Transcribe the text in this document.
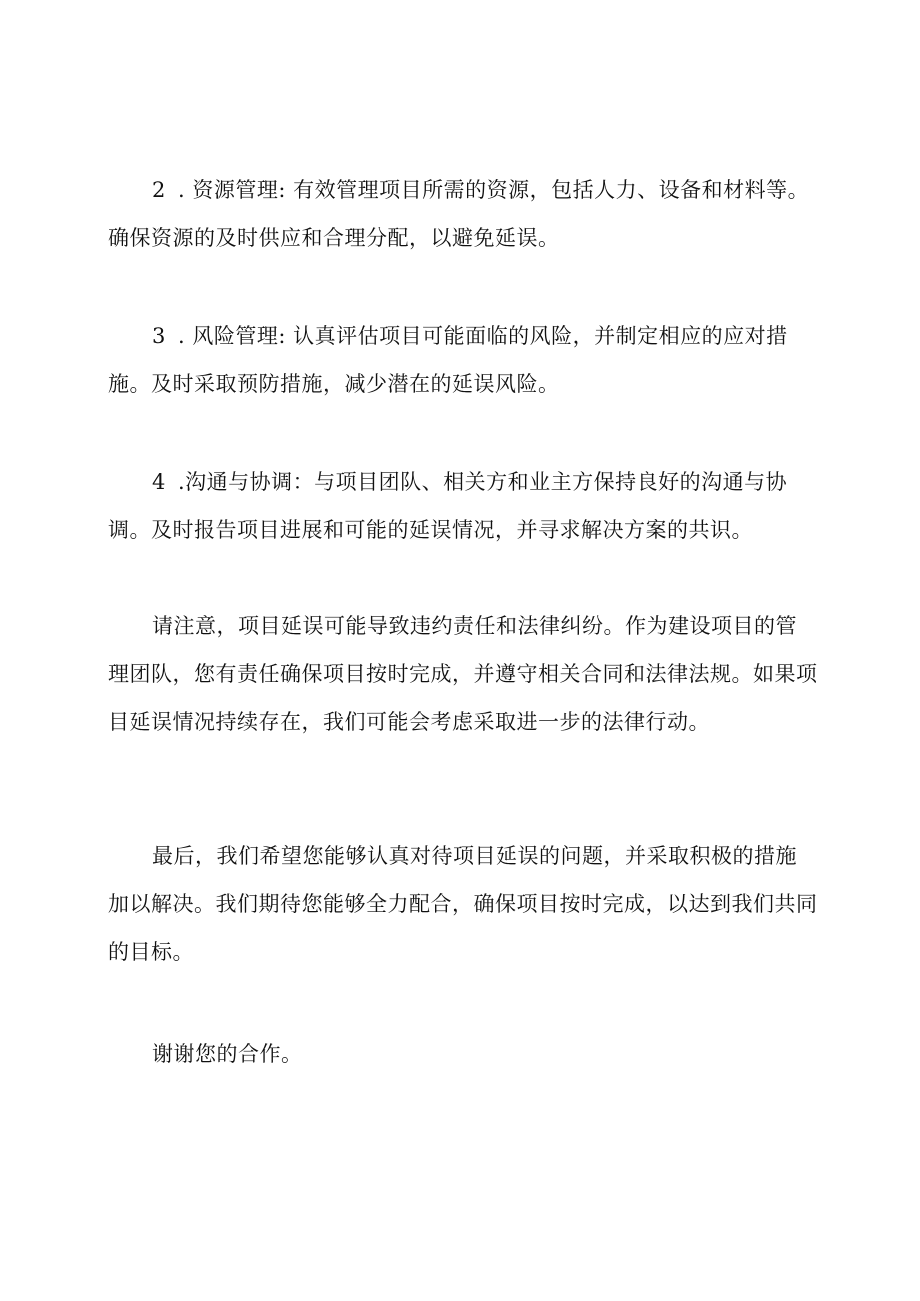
2 . 资源管理: 有效管理项目所需的资源，包括人力、设备和材料等。确保资源的及时供应和合理分配，以避免延误。

3 . 风险管理: 认真评估项目可能面临的风险，并制定相应的应对措施。及时采取预防措施，减少潜在的延误风险。

4 .沟通与协调：与项目团队、相关方和业主方保持良好的沟通与协调。及时报告项目进展和可能的延误情况，并寻求解决方案的共识。

请注意，项目延误可能导致违约责任和法律纠纷。作为建设项目的管理团队，您有责任确保项目按时完成，并遵守相关合同和法律法规。如果项目延误情况持续存在，我们可能会考虑采取进一步的法律行动。

最后，我们希望您能够认真对待项目延误的问题，并采取积极的措施加以解决。我们期待您能够全力配合，确保项目按时完成，以达到我们共同的目标。

谢谢您的合作。
